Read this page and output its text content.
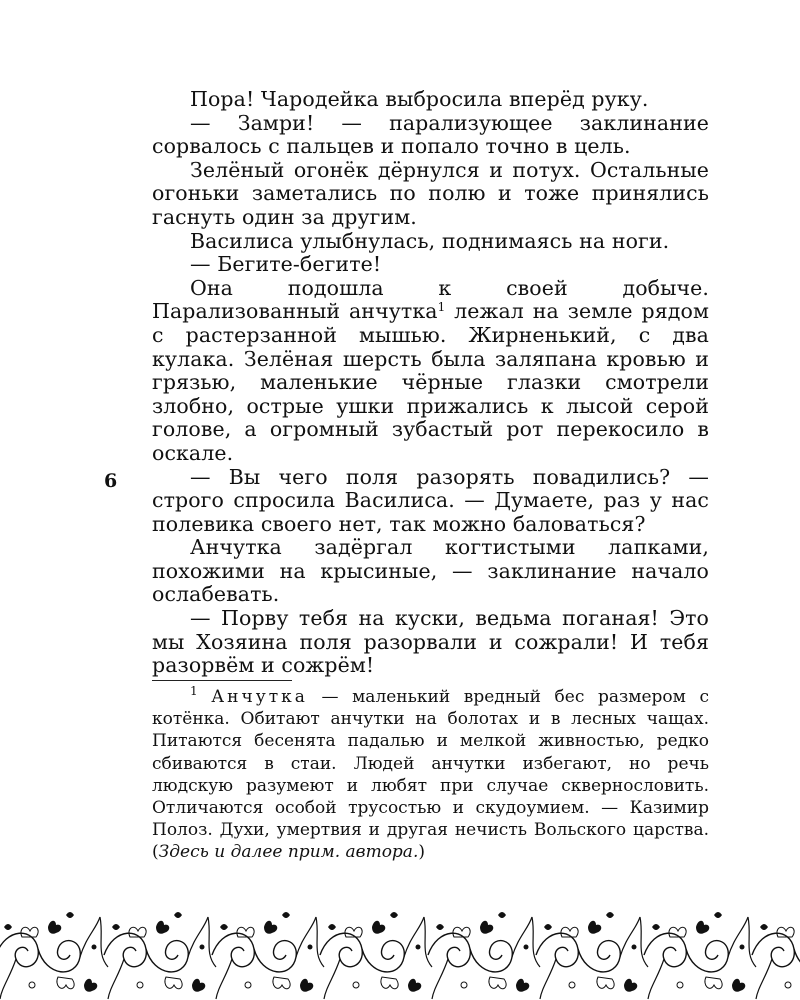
Пора! Чародейка выбросила вперёд руку.

— Замри! — парализующее заклинание сорвалось с пальцев и попало точно в цель.

Зелёный огонёк дёрнулся и потух. Остальные огоньки заметались по полю и тоже принялись гаснуть один за другим.

Василиса улыбнулась, поднимаясь на ноги.

— Бегите-бегите!

Она подошла к своей добыче. Парализованный анчутка$^1$ лежал на земле рядом с растерзанной мышью. Жирненький, с два кулака. Зелёная шерсть была заляпана кровью и грязью, маленькие чёрные глазки смотрели злобно, острые ушки прижались к лысой серой голове, а огромный зубастый рот перекосило в оскале.

— Вы чего поля разорять повадились? — строго спросила Василиса. — Думаете, раз у нас полевика своего нет, так можно баловаться?

Анчутка задёргал когтистыми лапками, похожими на крысиные, — заклинание начало ослабевать.

— Порву тебя на куски, ведьма поганая! Это мы Хозяина поля разорвали и сожрали! И тебя разорвём и сожрём!

6

$^1$ Анчутка — маленький вредный бес размером с котёнка. Обитают анчутки на болотах и в лесных чащах. Питаются бесенята падалью и мелкой живностью, редко сбиваются в стаи. Людей анчутки избегают, но речь людскую разумеют и любят при случае сквернословить. Отличаются особой трусостью и скудоумием. — Казимир Полоз. Духи, умертвия и другая нечисть Вольского царства. (Здесь и далее прим. автора.)
